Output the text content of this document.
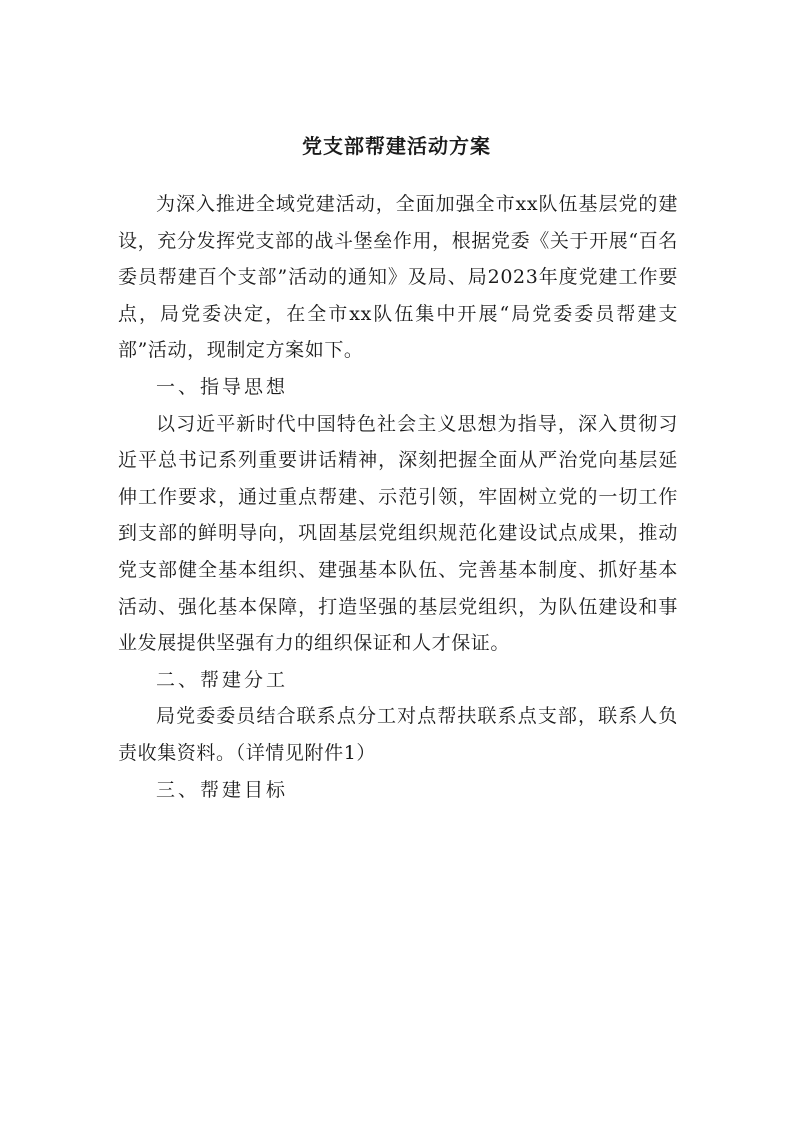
党支部帮建活动方案

为深入推进全域党建活动，全面加强全市xx队伍基层党的建设，充分发挥党支部的战斗堡垒作用，根据党委《关于开展“百名委员帮建百个支部”活动的通知》及局、局2023年度党建工作要点，局党委决定，在全市xx队伍集中开展“局党委委员帮建支部”活动，现制定方案如下。

一、指导思想

以习近平新时代中国特色社会主义思想为指导，深入贯彻习近平总书记系列重要讲话精神，深刻把握全面从严治党向基层延伸工作要求，通过重点帮建、示范引领，牢固树立党的一切工作到支部的鲜明导向，巩固基层党组织规范化建设试点成果，推动党支部健全基本组织、建强基本队伍、完善基本制度、抓好基本活动、强化基本保障，打造坚强的基层党组织，为队伍建设和事业发展提供坚强有力的组织保证和人才保证。

二、帮建分工

局党委委员结合联系点分工对点帮扶联系点支部，联系人负责收集资料。（详情见附件1）

三、帮建目标
